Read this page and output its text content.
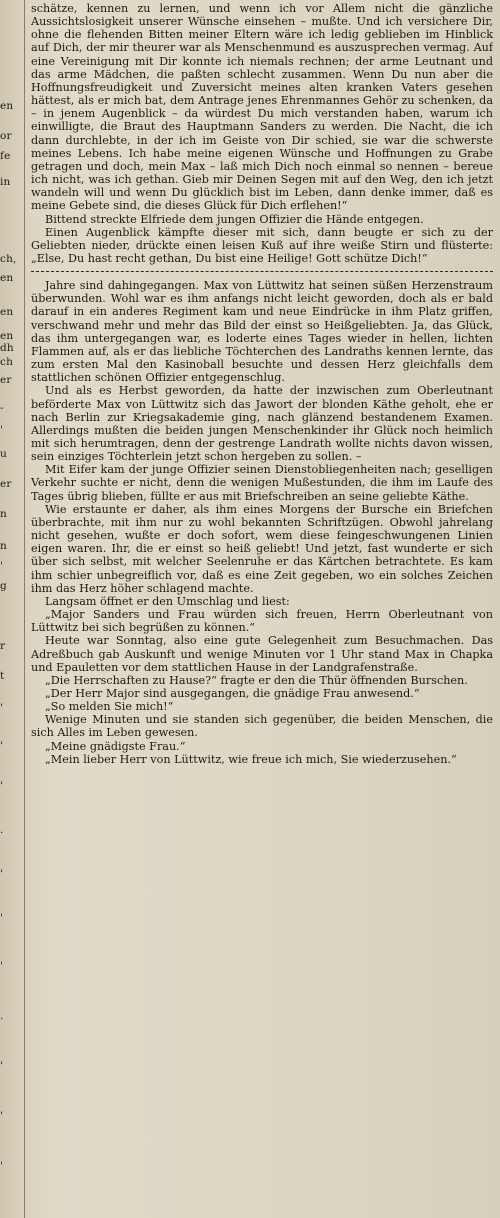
en
or
fe
in
ch,
en
en
en
dh
ch
er
-
'
u
er
n
n
'
g
r
t
'
'
'
.
'
'
'
.
'
'
'

schätze, kennen zu lernen, und wenn ich vor Allem nicht die gänzliche Aussichtslosigkeit unserer Wünsche einsehen – mußte. Und ich versichere Dir, ohne die flehenden Bitten meiner Eltern wäre ich ledig geblieben im Hinblick auf Dich, der mir theurer war als Menschenmund es auszusprechen vermag. Auf eine Vereinigung mit Dir konnte ich niemals rechnen; der arme Leutnant und das arme Mädchen, die paßten schlecht zusammen. Wenn Du nun aber die Hoffnungsfreudigkeit und Zuversicht meines alten kranken Vaters gesehen hättest, als er mich bat, dem Antrage jenes Ehrenmannes Gehör zu schenken, da – in jenem Augenblick – da würdest Du mich verstanden haben, warum ich einwilligte, die Braut des Hauptmann Sanders zu werden. Die Nacht, die ich dann durchlebte, in der ich im Geiste von Dir schied, sie war die schwerste meines Lebens. Ich habe meine eigenen Wünsche und Hoffnungen zu Grabe getragen und doch, mein Max – laß mich Dich noch einmal so nennen – bereue ich nicht, was ich gethan. Gieb mir Deinen Segen mit auf den Weg, den ich jetzt wandeln will und wenn Du glücklich bist im Leben, dann denke immer, daß es meine Gebete sind, die dieses Glück für Dich erflehen!“

Bittend streckte Elfriede dem jungen Offizier die Hände entgegen.

Einen Augenblick kämpfte dieser mit sich, dann beugte er sich zu der Geliebten nieder, drückte einen leisen Kuß auf ihre weiße Stirn und flüsterte: „Else, Du hast recht gethan, Du bist eine Heilige! Gott schütze Dich!“

Jahre sind dahingegangen. Max von Lüttwitz hat seinen süßen Herzenstraum überwunden. Wohl war es ihm anfangs nicht leicht geworden, doch als er bald darauf in ein anderes Regiment kam und neue Eindrücke in ihm Platz griffen, verschwand mehr und mehr das Bild der einst so Heißgeliebten. Ja, das Glück, das ihm untergegangen war, es loderte eines Tages wieder in hellen, lichten Flammen auf, als er das liebliche Töchterchen des Landraths kennen lernte, das zum ersten Mal den Kasinoball besuchte und dessen Herz gleichfalls dem stattlichen schönen Offizier entgegenschlug.

Und als es Herbst geworden, da hatte der inzwischen zum Oberleutnant beförderte Max von Lüttwitz sich das Jawort der blonden Käthe geholt, ehe er nach Berlin zur Kriegsakademie ging, nach glänzend bestandenem Examen. Allerdings mußten die beiden jungen Menschenkinder ihr Glück noch heimlich mit sich herumtragen, denn der gestrenge Landrath wollte nichts davon wissen, sein einziges Töchterlein jetzt schon hergeben zu sollen. –

Mit Eifer kam der junge Offizier seinen Dienstobliegenheiten nach; geselligen Verkehr suchte er nicht, denn die wenigen Mußestunden, die ihm im Laufe des Tages übrig blieben, füllte er aus mit Briefschreiben an seine geliebte Käthe.

Wie erstaunte er daher, als ihm eines Morgens der Bursche ein Briefchen überbrachte, mit ihm nur zu wohl bekannten Schriftzügen. Obwohl jahrelang nicht gesehen, wußte er doch sofort, wem diese feingeschwungenen Linien eigen waren. Ihr, die er einst so heiß geliebt! Und jetzt, fast wunderte er sich über sich selbst, mit welcher Seelenruhe er das Kärtchen betrachtete. Es kam ihm schier unbegreiflich vor, daß es eine Zeit gegeben, wo ein solches Zeichen ihm das Herz höher schlagend machte.

Langsam öffnet er den Umschlag und liest:

„Major Sanders und Frau würden sich freuen, Herrn Oberleutnant von Lüttwitz bei sich begrüßen zu können.“

Heute war Sonntag, also eine gute Gelegenheit zum Besuchmachen. Das Adreßbuch gab Auskunft und wenige Minuten vor 1 Uhr stand Max in Chapka und Epauletten vor dem stattlichen Hause in der Landgrafenstraße.

„Die Herrschaften zu Hause?“ fragte er den die Thür öffnenden Burschen.

„Der Herr Major sind ausgegangen, die gnädige Frau anwesend.“

„So melden Sie mich!“

Wenige Minuten und sie standen sich gegenüber, die beiden Menschen, die sich Alles im Leben gewesen.

„Meine gnädigste Frau.“

„Mein lieber Herr von Lüttwitz, wie freue ich mich, Sie wiederzusehen.“
